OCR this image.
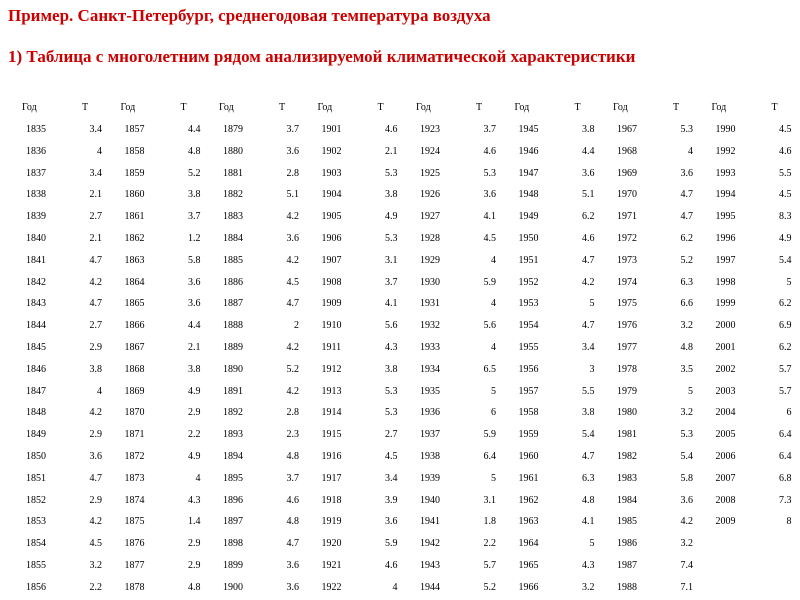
Пример. Санкт-Петербург, среднегодовая температура воздуха
1) Таблица с многолетним рядом анализируемой климатической характеристики
Год	Т
1835	3.4
1836	4
1837	3.4
1838	2.1
1839	2.7
1840	2.1
1841	4.7
1842	4.2
1843	4.7
1844	2.7
1845	2.9
1846	3.8
1847	4
1848	4.2
1849	2.9
1850	3.6
1851	4.7
1852	2.9
1853	4.2
1854	4.5
1855	3.2
1856	2.2
Год	Т
1857	4.4
1858	4.8
1859	5.2
1860	3.8
1861	3.7
1862	1.2
1863	5.8
1864	3.6
1865	3.6
1866	4.4
1867	2.1
1868	3.8
1869	4.9
1870	2.9
1871	2.2
1872	4.9
1873	4
1874	4.3
1875	1.4
1876	2.9
1877	2.9
1878	4.8
Год	Т
1879	3.7
1880	3.6
1881	2.8
1882	5.1
1883	4.2
1884	3.6
1885	4.2
1886	4.5
1887	4.7
1888	2
1889	4.2
1890	5.2
1891	4.2
1892	2.8
1893	2.3
1894	4.8
1895	3.7
1896	4.6
1897	4.8
1898	4.7
1899	3.6
1900	3.6
Год	Т
1901	4.6
1902	2.1
1903	5.3
1904	3.8
1905	4.9
1906	5.3
1907	3.1
1908	3.7
1909	4.1
1910	5.6
1911	4.3
1912	3.8
1913	5.3
1914	5.3
1915	2.7
1916	4.5
1917	3.4
1918	3.9
1919	3.6
1920	5.9
1921	4.6
1922	4
Год	Т
1923	3.7
1924	4.6
1925	5.3
1926	3.6
1927	4.1
1928	4.5
1929	4
1930	5.9
1931	4
1932	5.6
1933	4
1934	6.5
1935	5
1936	6
1937	5.9
1938	6.4
1939	5
1940	3.1
1941	1.8
1942	2.2
1943	5.7
1944	5.2
Год	Т
1945	3.8
1946	4.4
1947	3.6
1948	5.1
1949	6.2
1950	4.6
1951	4.7
1952	4.2
1953	5
1954	4.7
1955	3.4
1956	3
1957	5.5
1958	3.8
1959	5.4
1960	4.7
1961	6.3
1962	4.8
1963	4.1
1964	5
1965	4.3
1966	3.2
Год	Т
1967	5.3
1968	4
1969	3.6
1970	4.7
1971	4.7
1972	6.2
1973	5.2
1974	6.3
1975	6.6
1976	3.2
1977	4.8
1978	3.5
1979	5
1980	3.2
1981	5.3
1982	5.4
1983	5.8
1984	3.6
1985	4.2
1986	3.2
1987	7.4
1988	7.1
Год	Т
1990	4.5
1992	4.6
1993	5.5
1994	4.5
1995	8.3
1996	4.9
1997	5.4
1998	5
1999	6.2
2000	6.9
2001	6.2
2002	5.7
2003	5.7
2004	6
2005	6.4
2006	6.4
2007	6.8
2008	7.3
2009	8
